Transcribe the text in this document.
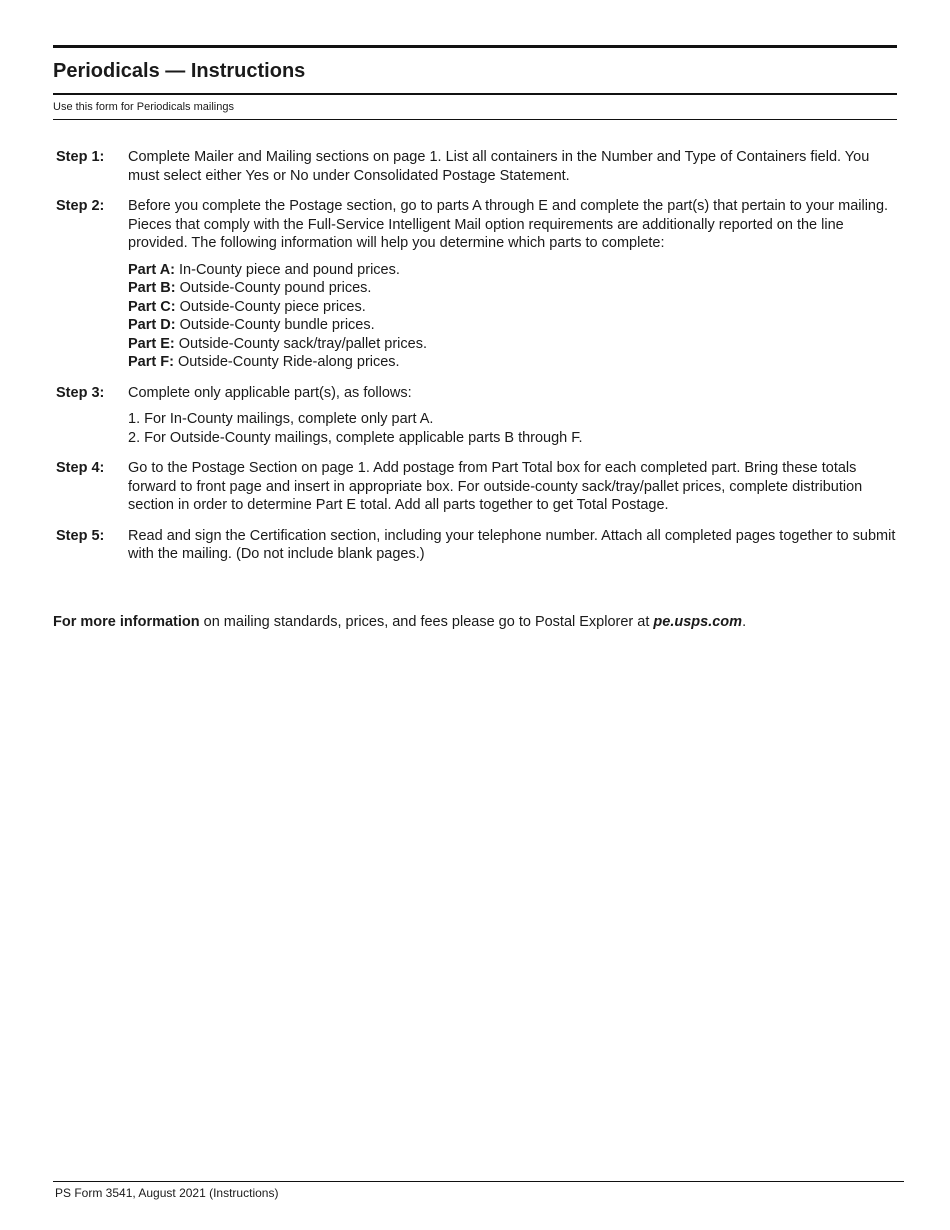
Periodicals — Instructions
Use this form for Periodicals mailings
Step 1:	Complete Mailer and Mailing sections on page 1. List all containers in the Number and Type of Containers field. You must select either Yes or No under Consolidated Postage Statement.

Step 2:	Before you complete the Postage section, go to parts A through E and complete the part(s) that pertain to your mailing. Pieces that comply with the Full-Service Intelligent Mail option requirements are additionally reported on the line provided. The following information will help you determine which parts to complete:

Part A: In-County piece and pound prices.
Part B: Outside-County pound prices.
Part C: Outside-County piece prices.
Part D: Outside-County bundle prices.
Part E: Outside-County sack/tray/pallet prices.
Part F: Outside-County Ride-along prices.
Step 3:	Complete only applicable part(s), as follows:

1. For In-County mailings, complete only part A.
2. For Outside-County mailings, complete applicable parts B through F.
Step 4:	Go to the Postage Section on page 1. Add postage from Part Total box for each completed part. Bring these totals forward to front page and insert in appropriate box. For outside-county sack/tray/pallet prices, complete distribution section in order to determine Part E total. Add all parts together to get Total Postage.

Step 5:	Read and sign the Certification section, including your telephone number. Attach all completed pages together to submit with the mailing. (Do not include blank pages.)

For more information on mailing standards, prices, and fees please go to Postal Explorer at pe.usps.com.
PS Form 3541, August 2021 (Instructions)
